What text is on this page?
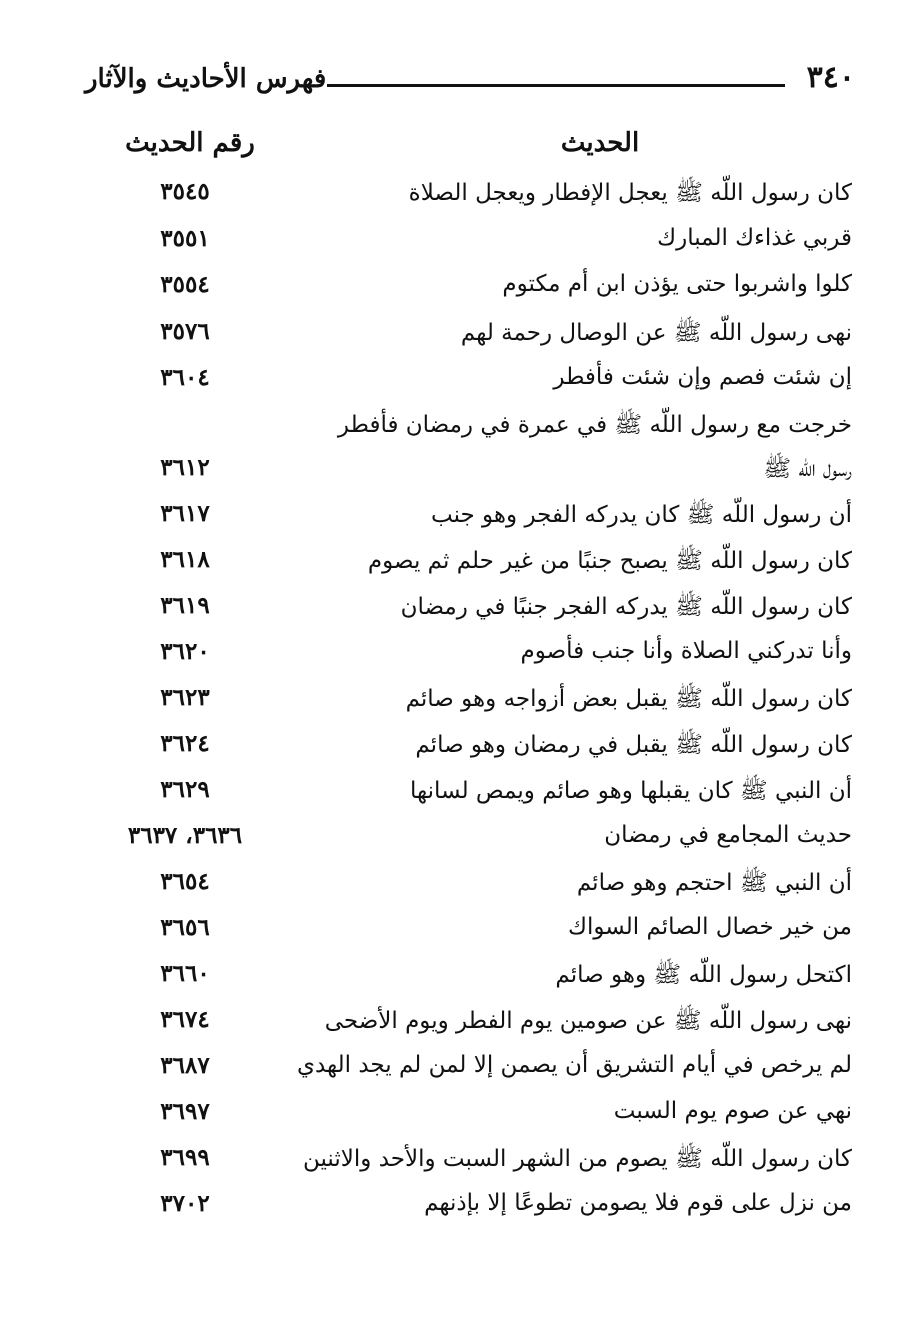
فهرس الأحاديث والآثار	٣٤٠
الحديث
رقم الحديث
كان رسول اللّه ﷺ يعجل الإفطار ويعجل الصلاة
٣٥٤٥
قربي غذاءك المبارك
٣٥٥١
كلوا واشربوا حتى يؤذن ابن أم مكتوم
٣٥٥٤
نهى رسول اللّه ﷺ عن الوصال رحمة لهم
٣٥٧٦
إن شئت فصم وإن شئت فأفطر
٣٦٠٤
خرجت مع رسول اللّه ﷺ في عمرة في رمضان فأفطر
رسول اللّه ﷺ
٣٦١٢
أن رسول اللّه ﷺ كان يدركه الفجر وهو جنب
٣٦١٧
كان رسول اللّه ﷺ يصبح جنبًا من غير حلم ثم يصوم
٣٦١٨
كان رسول اللّه ﷺ يدركه الفجر جنبًا في رمضان
٣٦١٩
وأنا تدركني الصلاة وأنا جنب فأصوم
٣٦٢٠
كان رسول اللّه ﷺ يقبل بعض أزواجه وهو صائم
٣٦٢٣
كان رسول اللّه ﷺ يقبل في رمضان وهو صائم
٣٦٢٤
أن النبي ﷺ كان يقبلها وهو صائم ويمص لسانها
٣٦٢٩
حديث المجامع في رمضان
٣٦٣٦، ٣٦٣٧
أن النبي ﷺ احتجم وهو صائم
٣٦٥٤
من خير خصال الصائم السواك
٣٦٥٦
اكتحل رسول اللّه ﷺ وهو صائم
٣٦٦٠
نهى رسول اللّه ﷺ عن صومين يوم الفطر ويوم الأضحى
٣٦٧٤
لم يرخص في أيام التشريق أن يصمن إلا لمن لم يجد الهدي
٣٦٨٧
نهي عن صوم يوم السبت
٣٦٩٧
كان رسول اللّه ﷺ يصوم من الشهر السبت والأحد والاثنين
٣٦٩٩
من نزل على قوم فلا يصومن تطوعًا إلا بإذنهم
٣٧٠٢
